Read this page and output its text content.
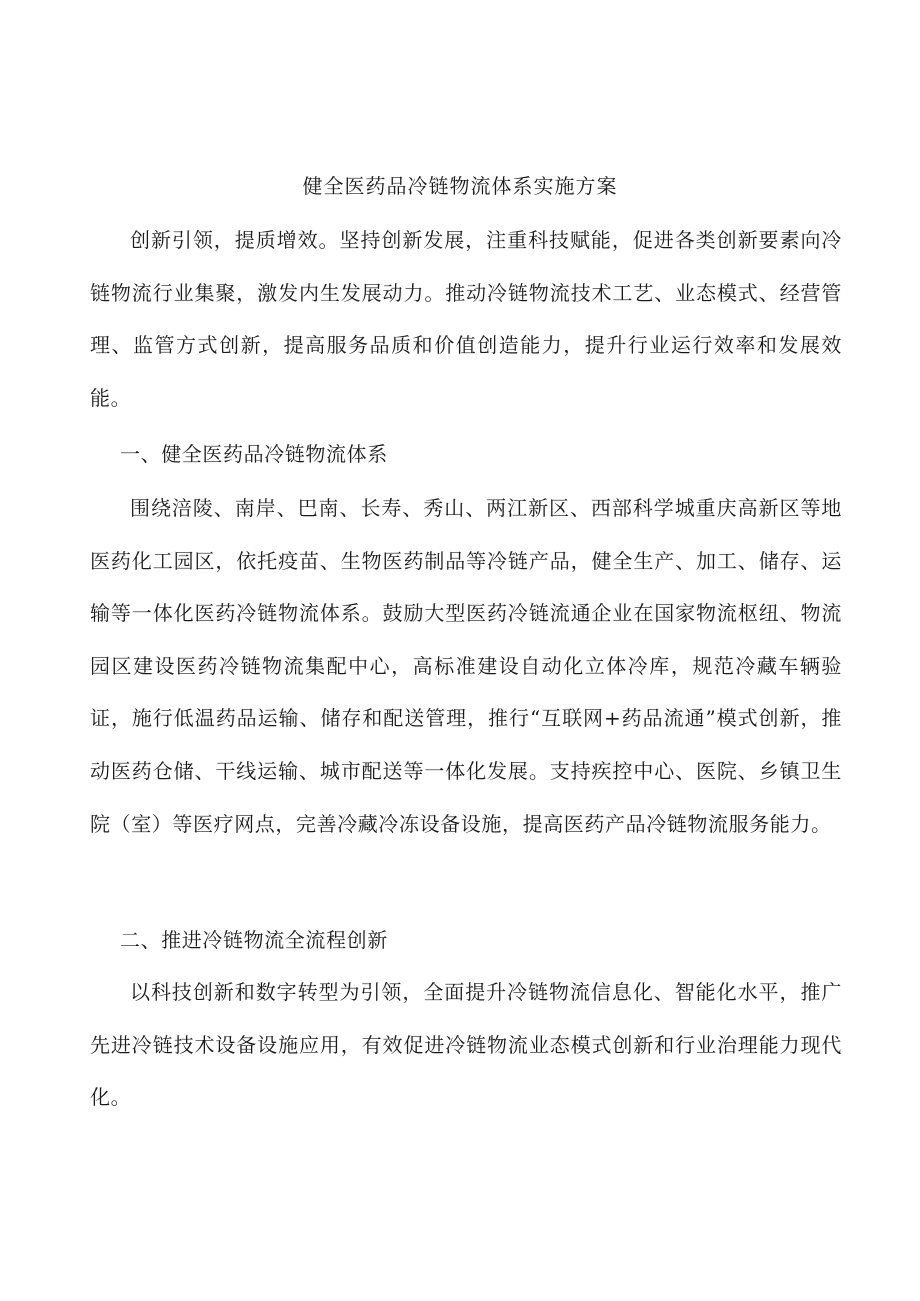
健全医药品冷链物流体系实施方案

创新引领，提质增效。坚持创新发展，注重科技赋能，促进各类创新要素向冷链物流行业集聚，激发内生发展动力。推动冷链物流技术工艺、业态模式、经营管理、监管方式创新，提高服务品质和价值创造能力，提升行业运行效率和发展效能。

一、健全医药品冷链物流体系

围绕涪陵、南岸、巴南、长寿、秀山、两江新区、西部科学城重庆高新区等地医药化工园区，依托疫苗、生物医药制品等冷链产品，健全生产、加工、储存、运输等一体化医药冷链物流体系。鼓励大型医药冷链流通企业在国家物流枢纽、物流园区建设医药冷链物流集配中心，高标准建设自动化立体冷库，规范冷藏车辆验证，施行低温药品运输、储存和配送管理，推行“互联网+药品流通”模式创新，推动医药仓储、干线运输、城市配送等一体化发展。支持疾控中心、医院、乡镇卫生院（室）等医疗网点，完善冷藏冷冻设备设施，提高医药产品冷链物流服务能力。

二、推进冷链物流全流程创新

以科技创新和数字转型为引领，全面提升冷链物流信息化、智能化水平，推广先进冷链技术设备设施应用，有效促进冷链物流业态模式创新和行业治理能力现代化。
